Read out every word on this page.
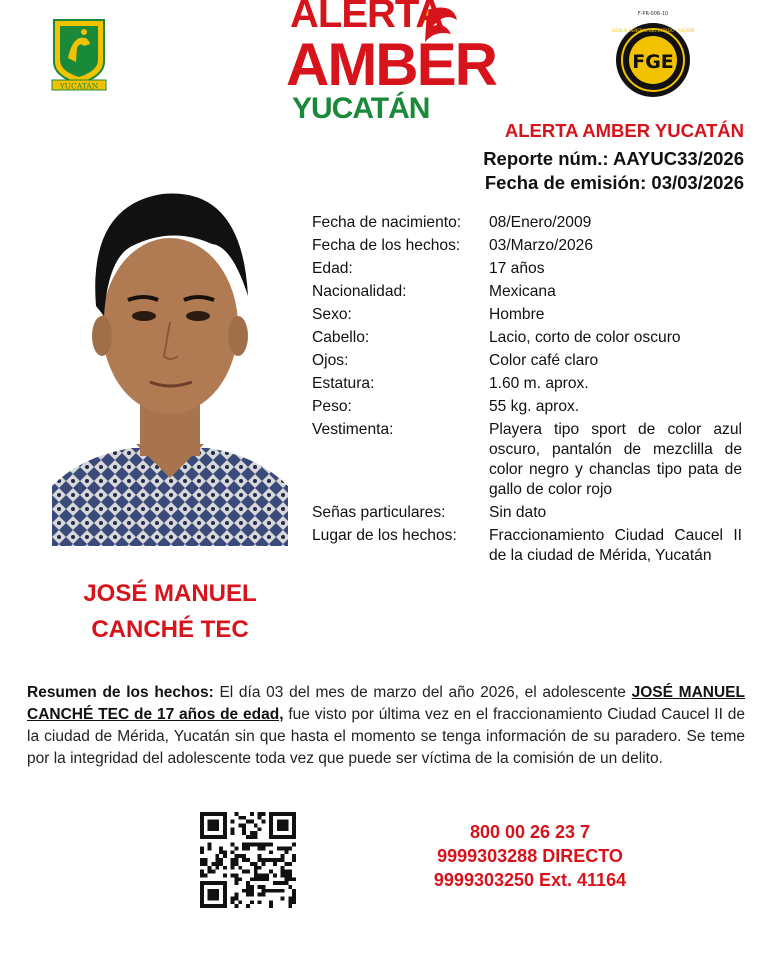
YUCATÁN
ALERTA
AMBER
YUCATÁN
F-PR-006-10
FGE
FISCALÍA GENERAL DEL ESTADO · YUCATÁN
ALERTA AMBER YUCATÁN
Reporte núm.: AAYUC33/2026
Fecha de emisión: 03/03/2026
JOSÉ MANUEL
CANCHÉ TEC
Fecha de nacimiento:	08/Enero/2009
Fecha de los hechos:	03/Marzo/2026
Edad:	17 años
Nacionalidad:	Mexicana
Sexo:	Hombre
Cabello:	Lacio, corto de color oscuro
Ojos:	Color café claro
Estatura:	1.60 m. aprox.
Peso:	55 kg. aprox.
Vestimenta:	Playera tipo sport de color azul oscuro, pantalón de mezclilla de color negro y chanclas tipo pata de gallo de color rojo
Señas particulares:	Sin dato
Lugar de los hechos:	Fraccionamiento Ciudad Caucel II de la ciudad de Mérida, Yucatán
Resumen de los hechos: El día 03 del mes de marzo del año 2026, el adolescente JOSÉ MANUEL CANCHÉ TEC de 17 años de edad, fue visto por última vez en el fraccionamiento Ciudad Caucel II de la ciudad de Mérida, Yucatán sin que hasta el momento se tenga información de su paradero. Se teme por la integridad del adolescente toda vez que puede ser víctima de la comisión de un delito.
800 00 26 23 7
9999303288 DIRECTO
9999303250 Ext. 41164
